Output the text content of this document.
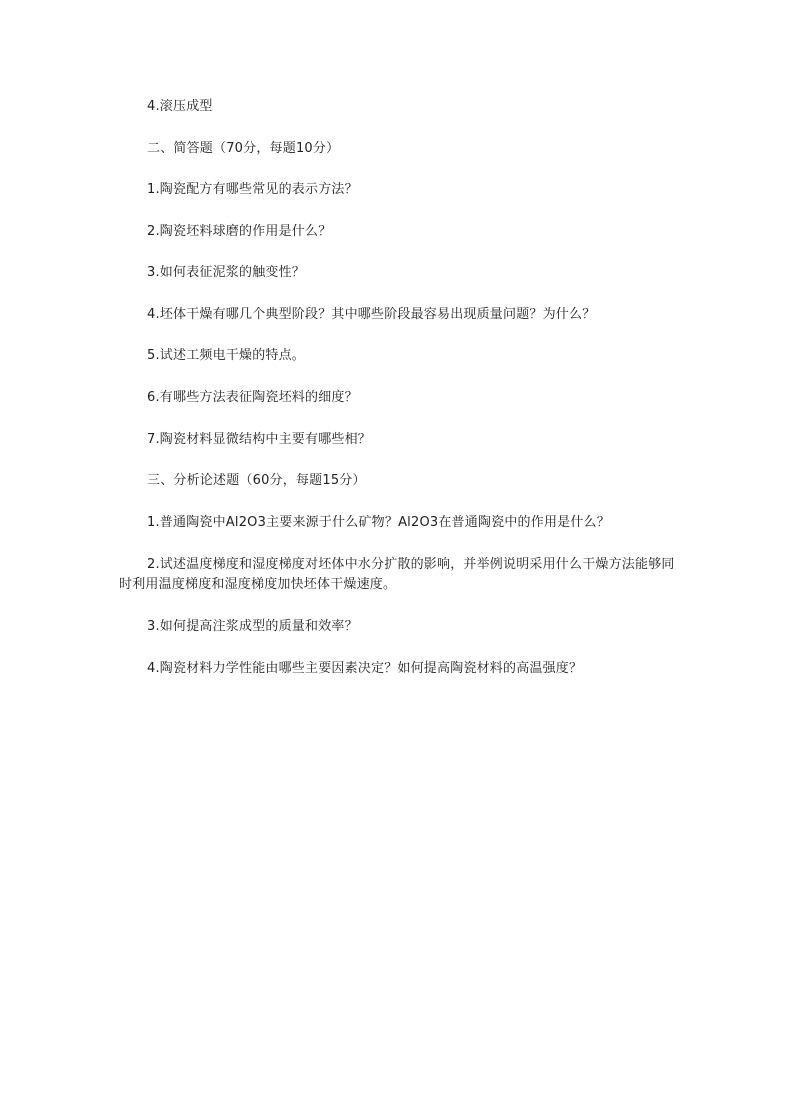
4.滚压成型
二、简答题（70分，每题10分）
1.陶瓷配方有哪些常见的表示方法？
2.陶瓷坯料球磨的作用是什么？
3.如何表征泥浆的触变性？
4.坯体干燥有哪几个典型阶段？其中哪些阶段最容易出现质量问题？为什么？
5.试述工频电干燥的特点。
6.有哪些方法表征陶瓷坯料的细度？
7.陶瓷材料显微结构中主要有哪些相？
三、分析论述题（60分，每题15分）
1.普通陶瓷中Al2O3主要来源于什么矿物？Al2O3在普通陶瓷中的作用是什么？
2.试述温度梯度和湿度梯度对坯体中水分扩散的影响，并举例说明采用什么干燥方法能够同时利用温度梯度和湿度梯度加快坯体干燥速度。
3.如何提高注浆成型的质量和效率？
4.陶瓷材料力学性能由哪些主要因素决定？如何提高陶瓷材料的高温强度？
